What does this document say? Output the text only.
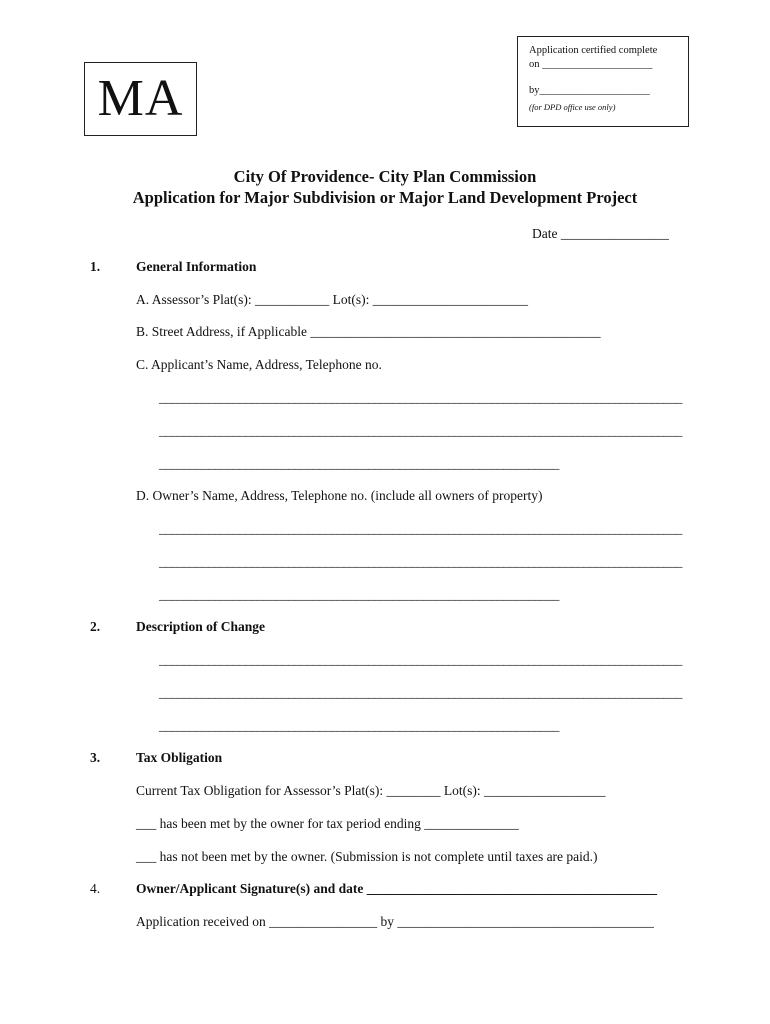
MA
Application certified complete
on _____________________
by_____________________
(for DPD office use only)
City Of Providence- City Plan Commission
Application for Major Subdivision or Major Land Development Project
Date ________________
1.	General Information
A. Assessor’s Plat(s): ___________ Lot(s): _______________________
B. Street Address, if Applicable ___________________________________________
C. Applicant’s Name, Address, Telephone no.
_____________________________________________________________________________________
_____________________________________________________________________________________
_________________________________________________________________
D. Owner’s Name, Address, Telephone no. (include all owners of property)
_____________________________________________________________________________________
_____________________________________________________________________________________
_________________________________________________________________
2.	Description of Change
_____________________________________________________________________________________
_____________________________________________________________________________________
_________________________________________________________________
3.	Tax Obligation
Current Tax Obligation for Assessor’s Plat(s): ________ Lot(s): __________________
___ has been met by the owner for tax period ending ______________
___ has not been met by the owner. (Submission is not complete until taxes are paid.)
4.	Owner/Applicant Signature(s) and date ___________________________________________
Application received on ________________ by ______________________________________
